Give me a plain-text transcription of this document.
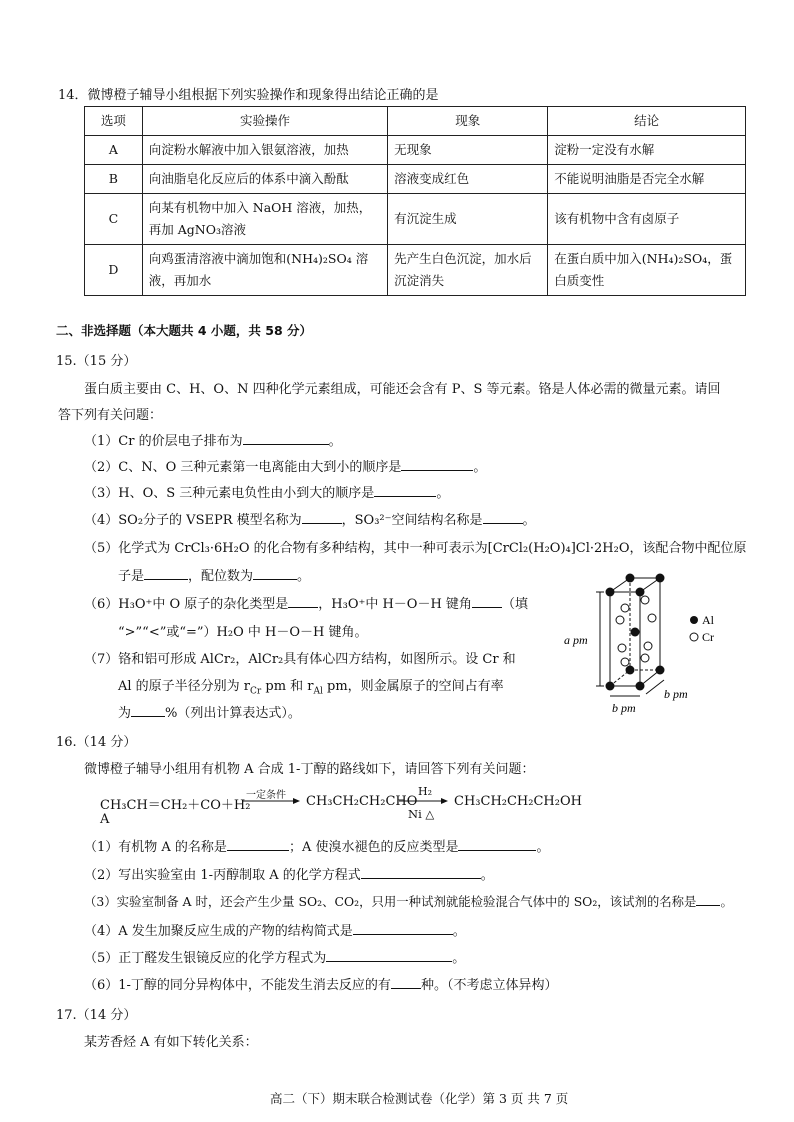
14．微博橙子辅导小组根据下列实验操作和现象得出结论正确的是
选项	实验操作	现象	结论
A	向淀粉水解液中加入银氨溶液，加热	无现象	淀粉一定没有水解
B	向油脂皂化反应后的体系中滴入酚酞	溶液变成红色	不能说明油脂是否完全水解
C	向某有机物中加入 NaOH 溶液，加热，再加 AgNO₃溶液	有沉淀生成	该有机物中含有卤原子
D	向鸡蛋清溶液中滴加饱和(NH₄)₂SO₄ 溶液，再加水	先产生白色沉淀，加水后沉淀消失	在蛋白质中加入(NH₄)₂SO₄，蛋白质变性
二、非选择题（本大题共 4 小题，共 58 分）
15.（15 分）
蛋白质主要由 C、H、O、N 四种化学元素组成，可能还会含有 P、S 等元素。铬是人体必需的微量元素。请回
答下列有关问题：
（1）Cr 的价层电子排布为	。
（2）C、N、O 三种元素第一电离能由大到小的顺序是	。
（3）H、O、S 三种元素电负性由小到大的顺序是	。
（4）SO₂分子的 VSEPR 模型名称为	，SO₃²⁻空间结构名称是	。
（5）化学式为 CrCl₃·6H₂O 的化合物有多种结构，其中一种可表示为[CrCl₂(H₂O)₄]Cl·2H₂O，该配合物中配位原
子是	，配位数为	。
（6）H₃O⁺中 O 原子的杂化类型是 ，H₃O⁺中 H－O－H 键角 （填
“>”“<”或“=”）H₂O 中 H－O－H 键角。
（7）铬和铝可形成 AlCr₂，AlCr₂具有体心四方结构，如图所示。设 Cr 和
Al 的原子半径分别为 $r_{Cr}$ pm 和 $r_{Al}$ pm，则金属原子的空间占有率
为	%（列出计算表达式）。
Al
Cr
a pm
b pm
b pm
16.（14 分）
微博橙子辅导小组用有机物 A 合成 1-丁醇的路线如下，请回答下列有关问题：
CH₃CH＝CH₂＋CO＋H₂
A
一定条件 CH₃CH₂CH₂CHO
H₂
Ni △
CH₃CH₂CH₂CH₂OH
（1）有机物 A 的名称是	；A 使溴水褪色的反应类型是	。
（2）写出实验室由 1-丙醇制取 A 的化学方程式	。
（3）实验室制备 A 时，还会产生少量 SO₂、CO₂，只用一种试剂就能检验混合气体中的 SO₂，该试剂的名称是 。
（4）A 发生加聚反应生成的产物的结构简式是	。
（5）正丁醛发生银镜反应的化学方程式为	。
（6）1-丁醇的同分异构体中，不能发生消去反应的有 种。（不考虑立体异构）
17.（14 分）
某芳香烃 A 有如下转化关系：
高二（下）期末联合检测试卷（化学）第 3 页 共 7 页
